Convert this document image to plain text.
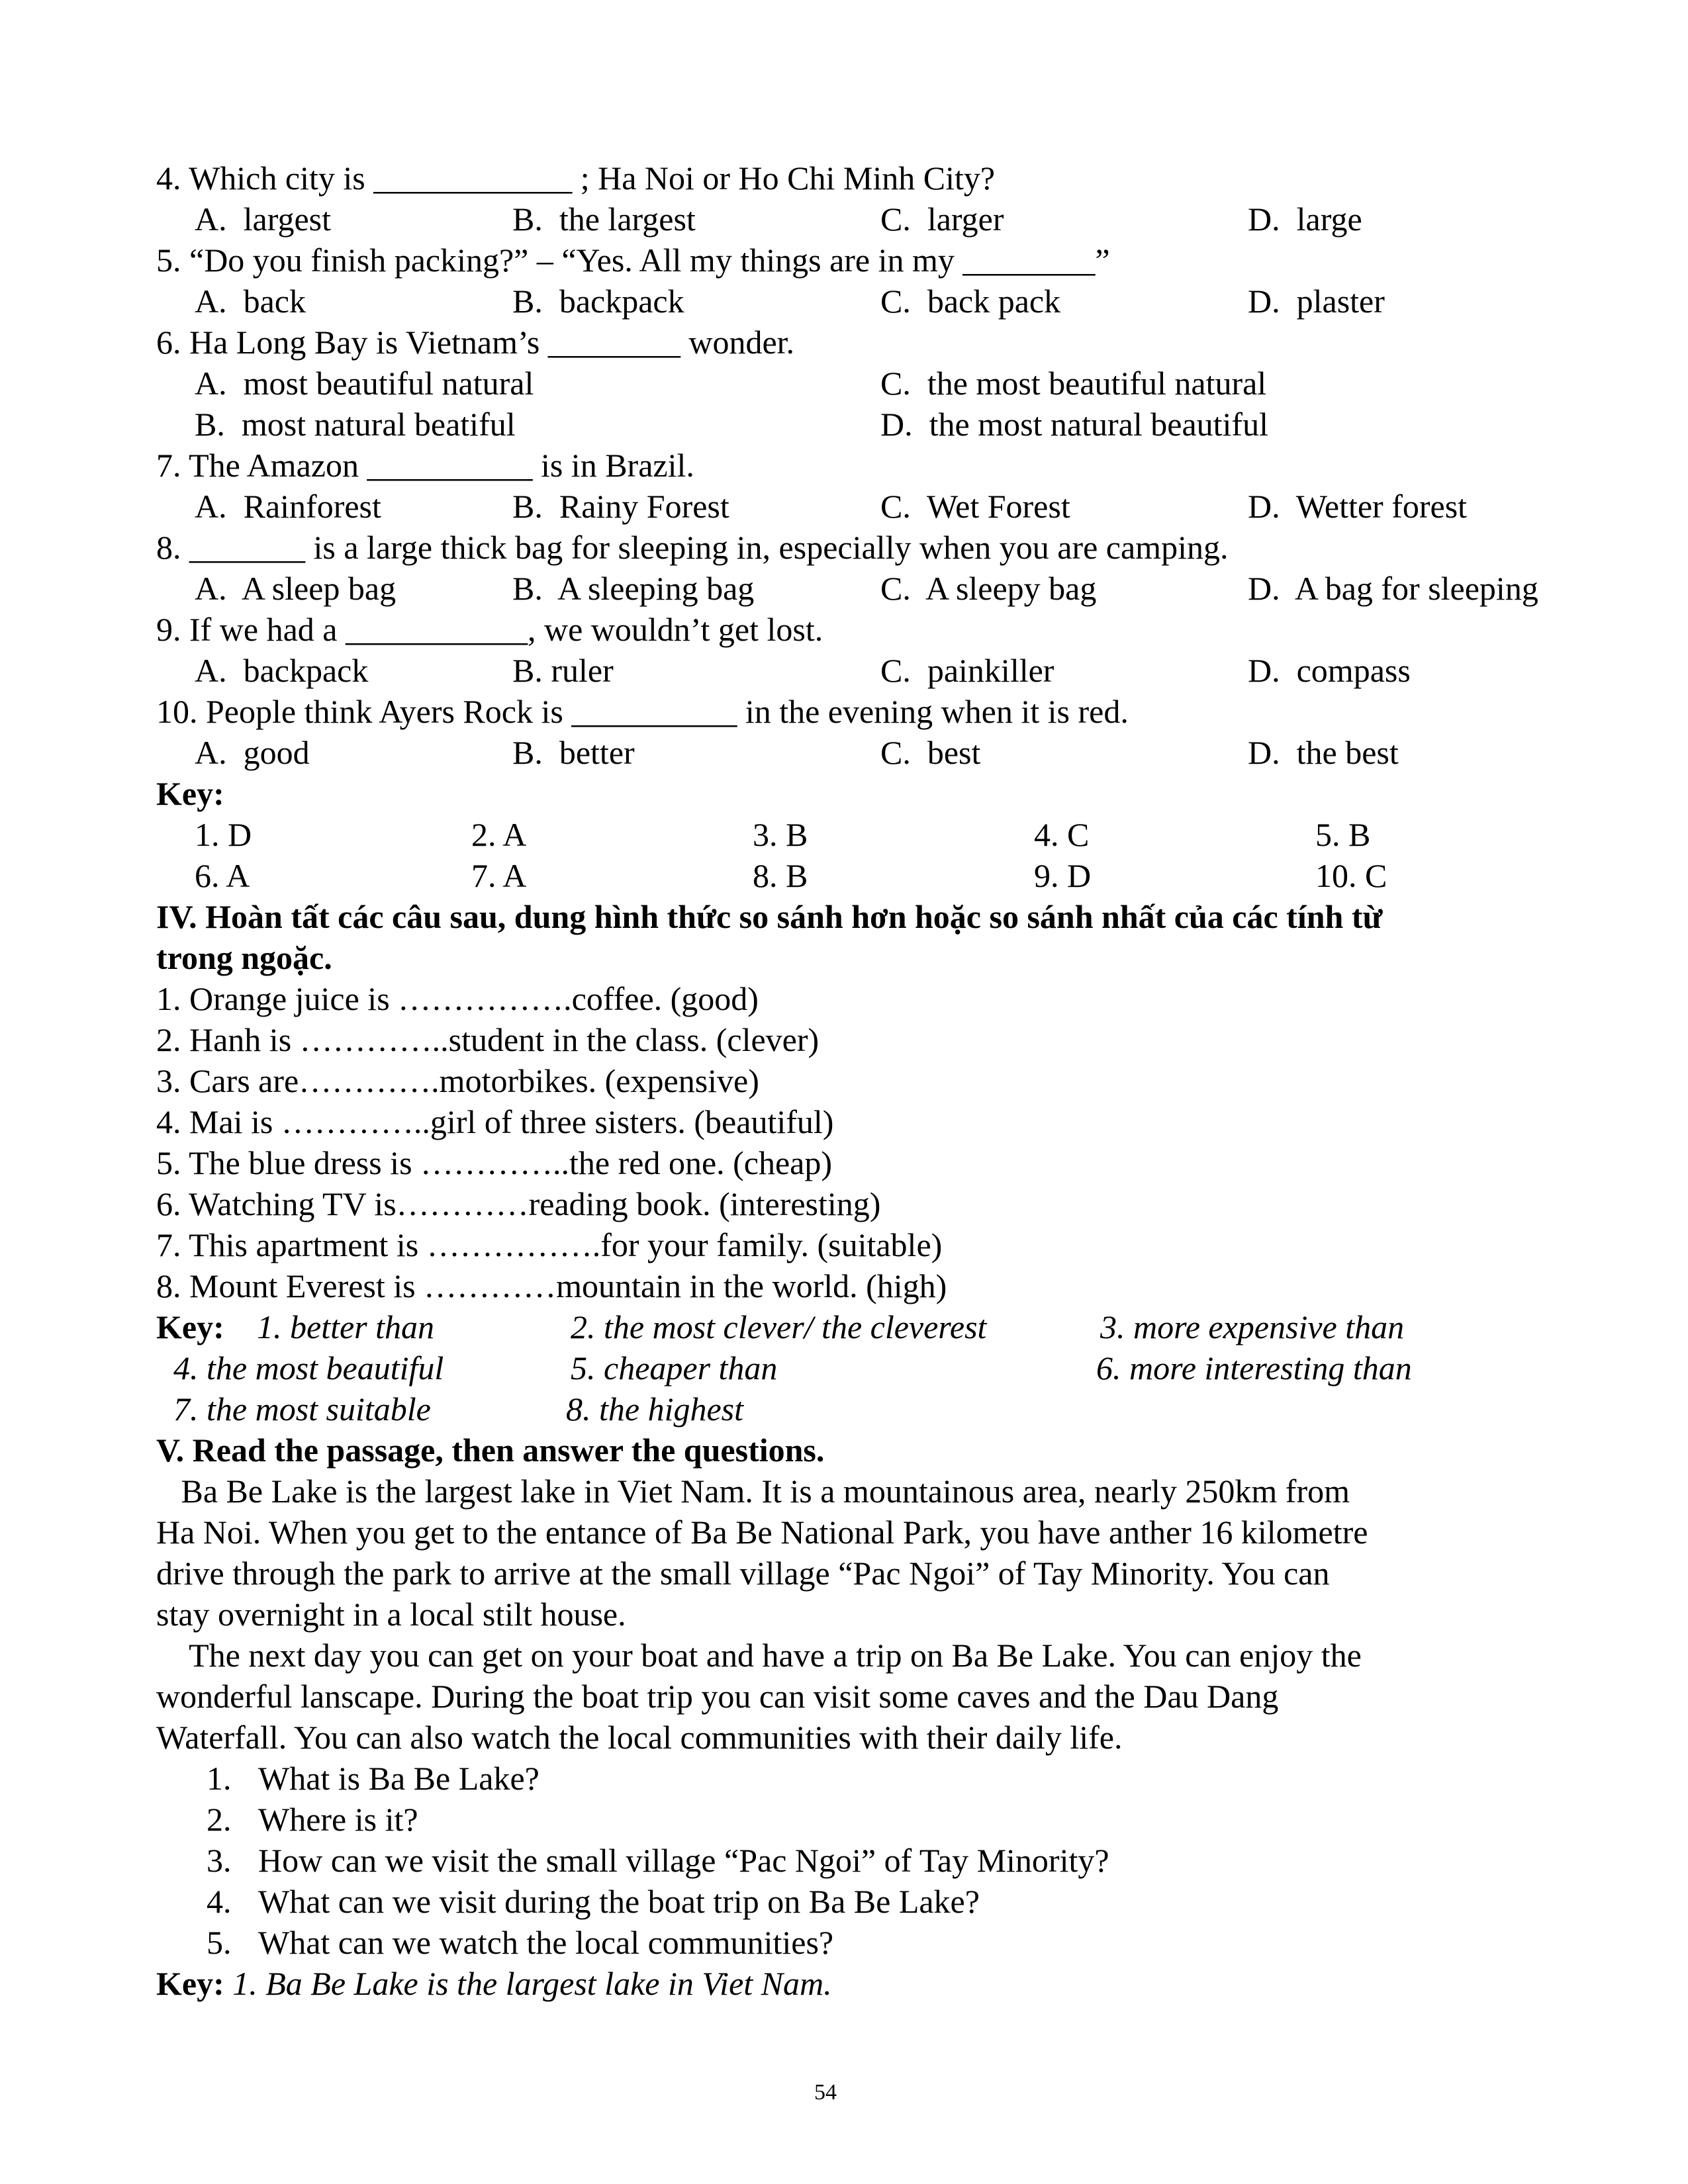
4. Which city is ____________ ; Ha Noi or Ho Chi Minh City?
A.  largest	B.  the largest	C.  larger	D.  large
5. “Do you finish packing?” – “Yes. All my things are in my ________”
A.  back	B.  backpack	C.  back pack	D.  plaster
6. Ha Long Bay is Vietnam’s ________ wonder.
A.  most beautiful natural	C.  the most beautiful natural
B.  most natural beatiful	D.  the most natural beautiful
7. The Amazon __________ is in Brazil.
A.  Rainforest	B.  Rainy Forest	C.  Wet Forest	D.  Wetter forest
8. _______ is a large thick bag for sleeping in, especially when you are camping.
A.  A sleep bag	B.  A sleeping bag	C.  A sleepy bag	D.  A bag for sleeping
9. If we had a ___________, we wouldn’t get lost.
A.  backpack	B. ruler	C.  painkiller	D.  compass
10. People think Ayers Rock is __________ in the evening when it is red.
A.  good	B.  better	C.  best	D.  the best
Key:
1. D	2. A	3. B	4. C	5. B
6. A	7. A	8. B	9. D	10. C
IV. Hoàn tất các câu sau, dung hình thức so sánh hơn hoặc so sánh nhất của các tính từ
trong ngoặc.
1. Orange juice is …………….coffee. (good)
2. Hanh is …………..student in the class. (clever)
3. Cars are………….motorbikes. (expensive)
4. Mai is …………..girl of three sisters. (beautiful)
5. The blue dress is …………..the red one. (cheap)
6. Watching TV is…………reading book. (interesting)
7. This apartment is …………….for your family. (suitable)
8. Mount Everest is …………mountain in the world. (high)
Key: 1. better than	2. the most clever/ the cleverest	3. more expensive than
4. the most beautiful	5. cheaper than	6. more interesting than
7. the most suitable	8. the highest
V. Read the passage, then answer the questions.
Ba Be Lake is the largest lake in Viet Nam. It is a mountainous area, nearly 250km from
Ha Noi. When you get to the entance of Ba Be National Park, you have anther 16 kilometre
drive through the park to arrive at the small village “Pac Ngoi” of Tay Minority. You can
stay overnight in a local stilt house.
The next day you can get on your boat and have a trip on Ba Be Lake. You can enjoy the
wonderful lanscape. During the boat trip you can visit some caves and the Dau Dang
Waterfall. You can also watch the local communities with their daily life.
1. What is Ba Be Lake?
2. Where is it?
3. How can we visit the small village “Pac Ngoi” of Tay Minority?
4. What can we visit during the boat trip on Ba Be Lake?
5. What can we watch the local communities?
Key: 1. Ba Be Lake is the largest lake in Viet Nam.
54
